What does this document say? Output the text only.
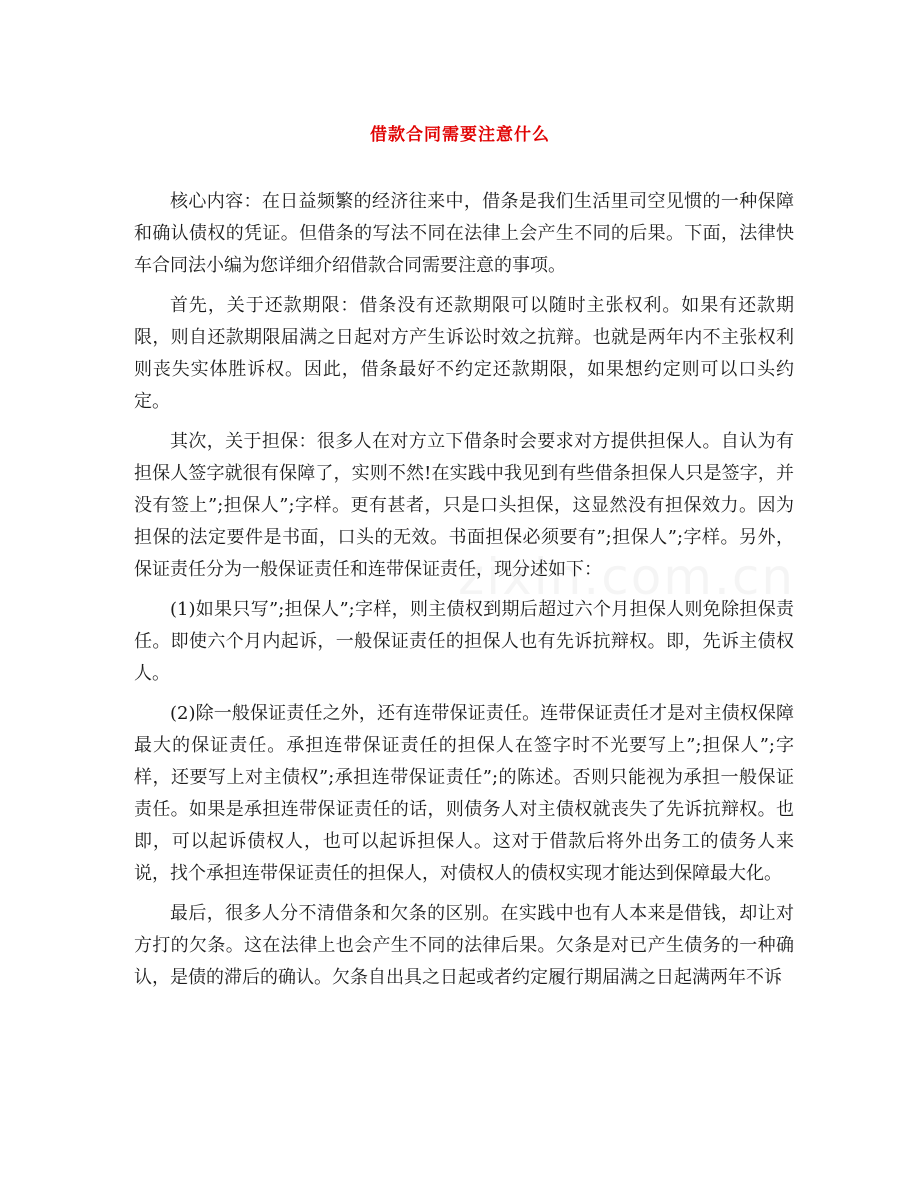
借款合同需要注意什么

核心内容：在日益频繁的经济往来中，借条是我们生活里司空见惯的一种保障和确认债权的凭证。但借条的写法不同在法律上会产生不同的后果。下面，法律快车合同法小编为您详细介绍借款合同需要注意的事项。

首先，关于还款期限：借条没有还款期限可以随时主张权利。如果有还款期限，则自还款期限届满之日起对方产生诉讼时效之抗辩。也就是两年内不主张权利则丧失实体胜诉权。因此，借条最好不约定还款期限，如果想约定则可以口头约定。

其次，关于担保：很多人在对方立下借条时会要求对方提供担保人。自认为有担保人签字就很有保障了，实则不然!在实践中我见到有些借条担保人只是签字，并没有签上”;担保人”;字样。更有甚者，只是口头担保，这显然没有担保效力。因为担保的法定要件是书面，口头的无效。书面担保必须要有”;担保人”;字样。另外，保证责任分为一般保证责任和连带保证责任，现分述如下：

(1)如果只写”;担保人”;字样，则主债权到期后超过六个月担保人则免除担保责任。即使六个月内起诉，一般保证责任的担保人也有先诉抗辩权。即，先诉主债权人。

(2)除一般保证责任之外，还有连带保证责任。连带保证责任才是对主债权保障最大的保证责任。承担连带保证责任的担保人在签字时不光要写上”;担保人”;字样，还要写上对主债权”;承担连带保证责任”;的陈述。否则只能视为承担一般保证责任。如果是承担连带保证责任的话，则债务人对主债权就丧失了先诉抗辩权。也即，可以起诉债权人，也可以起诉担保人。这对于借款后将外出务工的债务人来说，找个承担连带保证责任的担保人，对债权人的债权实现才能达到保障最大化。

最后，很多人分不清借条和欠条的区别。在实践中也有人本来是借钱，却让对方打的欠条。这在法律上也会产生不同的法律后果。欠条是对已产生债务的一种确认，是债的滞后的确认。欠条自出具之日起或者约定履行期届满之日起满两年不诉
